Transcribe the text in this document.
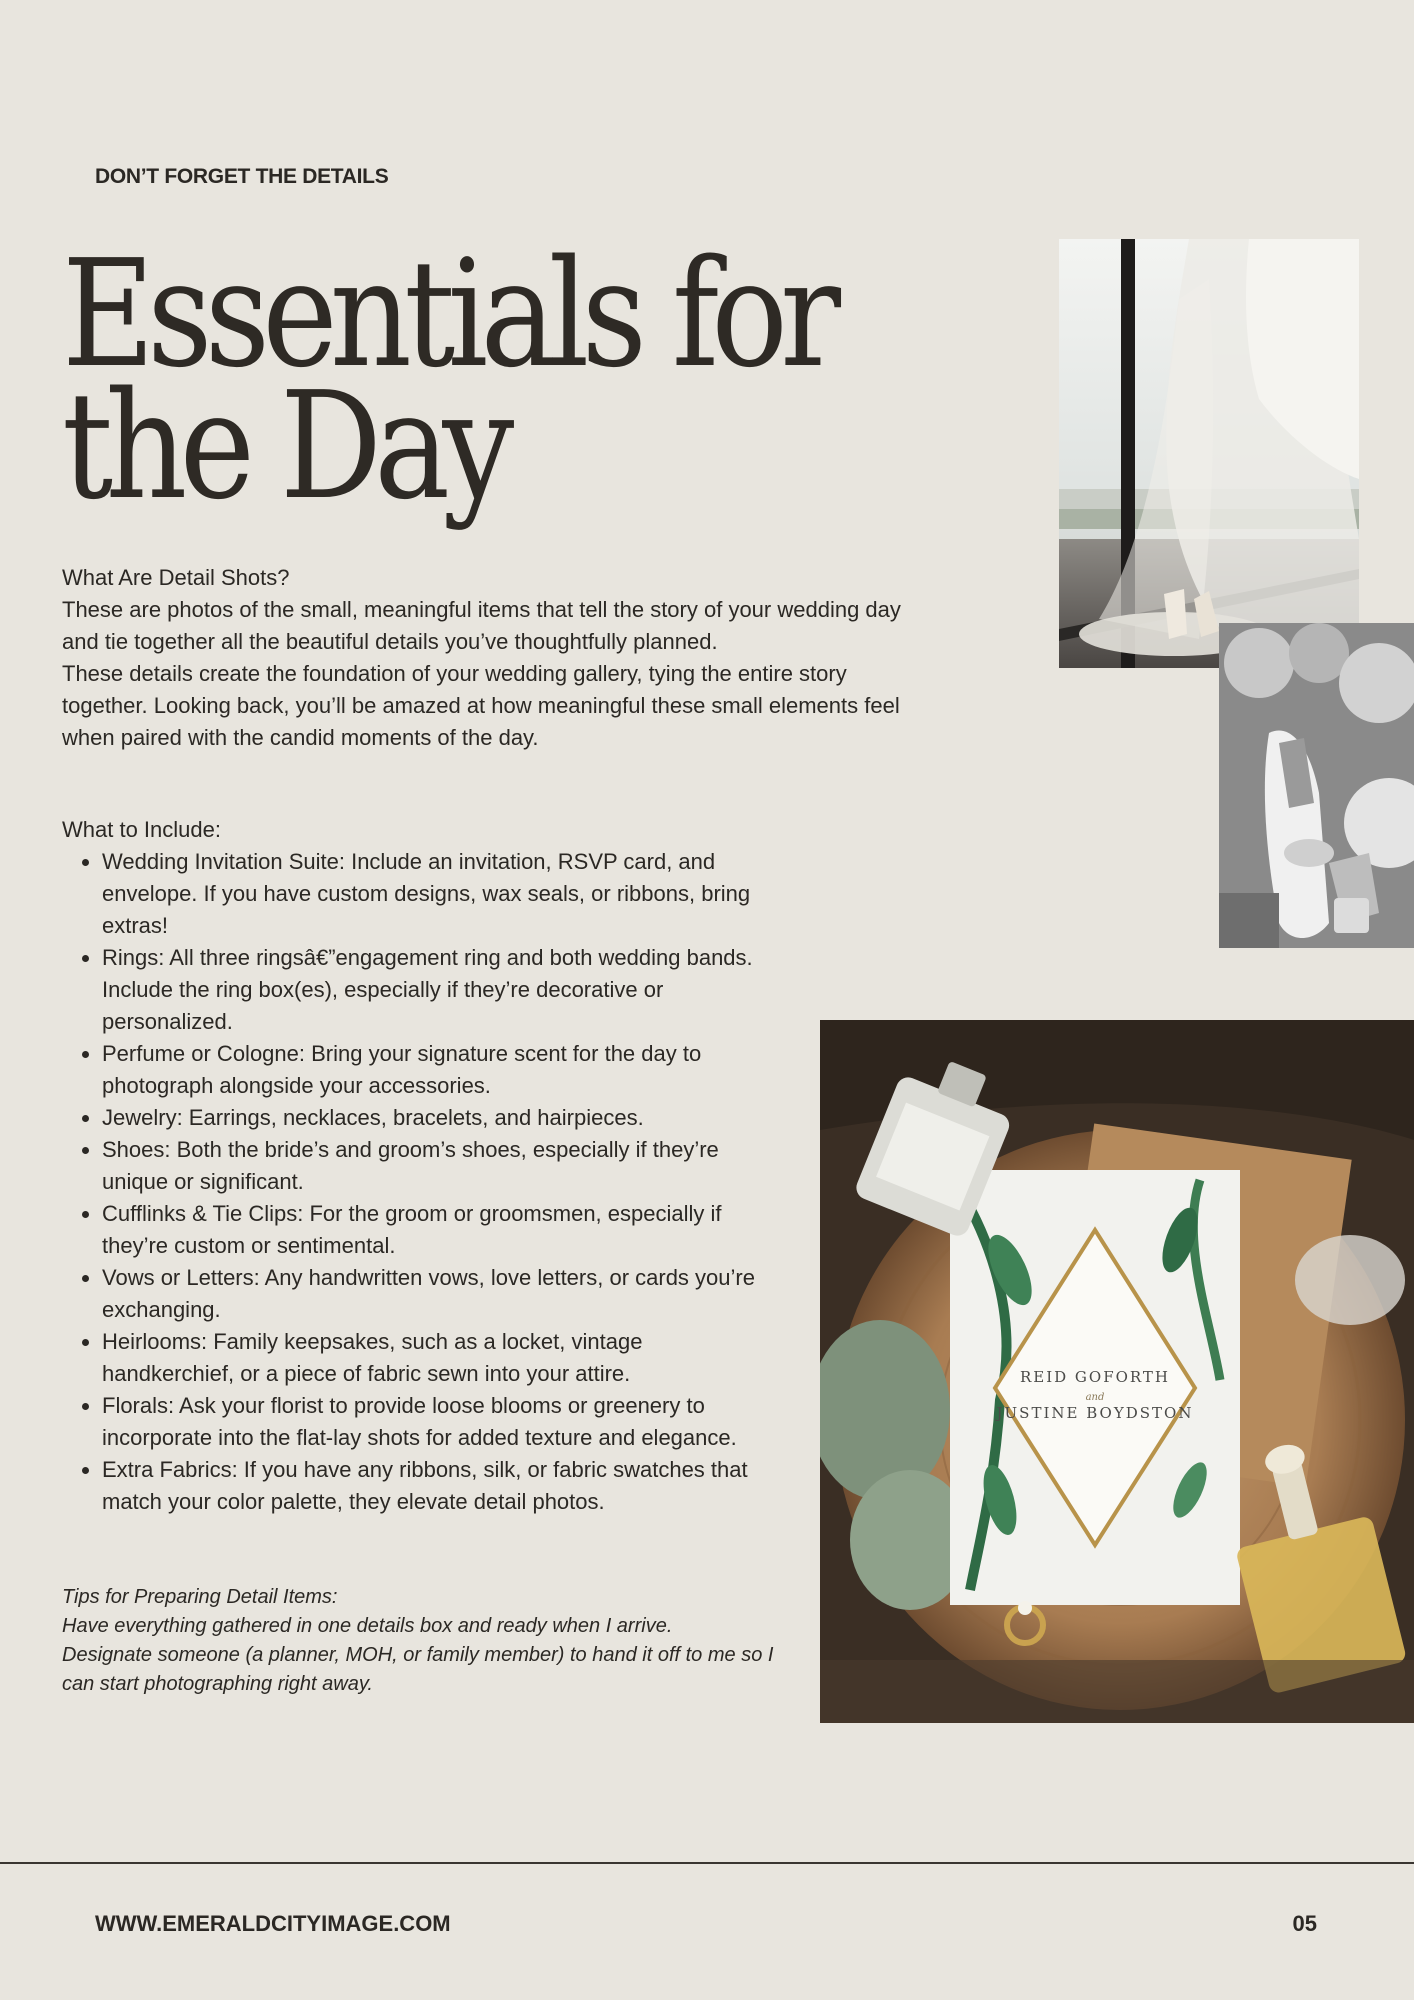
DON’T FORGET THE DETAILS
Essentials for
the Day

What Are Detail Shots?

These are photos of the small, meaningful items that tell the story of your wedding day and tie together all the beautiful details you’ve thoughtfully planned.

These details create the foundation of your wedding gallery, tying the entire story together. Looking back, you’ll be amazed at how meaningful these small elements feel when paired with the candid moments of the day.

What to Include:

• Wedding Invitation Suite: Include an invitation, RSVP card, and envelope. If you have custom designs, wax seals, or ribbons, bring extras!
• Rings: All three ringsâ€”engagement ring and both wedding bands. Include the ring box(es), especially if they’re decorative or personalized.
• Perfume or Cologne: Bring your signature scent for the day to photograph alongside your accessories.
• Jewelry: Earrings, necklaces, bracelets, and hairpieces.
• Shoes: Both the bride’s and groom’s shoes, especially if they’re unique or significant.
• Cufflinks & Tie Clips: For the groom or groomsmen, especially if they’re custom or sentimental.
• Vows or Letters: Any handwritten vows, love letters, or cards you’re exchanging.
• Heirlooms: Family keepsakes, such as a locket, vintage handkerchief, or a piece of fabric sewn into your attire.
• Florals: Ask your florist to provide loose blooms or greenery to incorporate into the flat-lay shots for added texture and elegance.
• Extra Fabrics: If you have any ribbons, silk, or fabric swatches that match your color palette, they elevate detail photos.

Tips for Preparing Detail Items:

Have everything gathered in one details box and ready when I arrive.

Designate someone (a planner, MOH, or family member) to hand it off to me so I can start photographing right away.

REID GOFORTH
and
JUSTINE BOYDSTON
WWW.EMERALDCITYIMAGE.COM	05
